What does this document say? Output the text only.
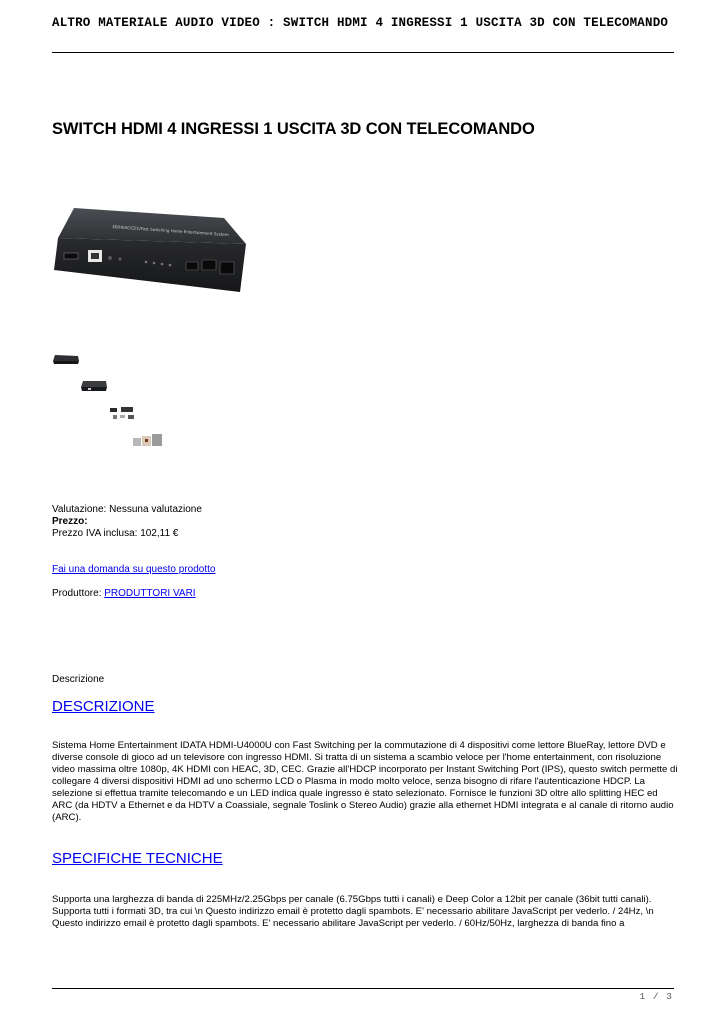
ALTRO MATERIALE AUDIO VIDEO : SWITCH HDMI 4 INGRESSI 1 USCITA 3D CON TELECOMANDO
SWITCH HDMI 4 INGRESSI 1 USCITA 3D CON TELECOMANDO
3D/HEAC/CEC/Fast Switching Home Entertainment System
Valutazione: Nessuna valutazione
Prezzo:
Prezzo IVA inclusa: 102,11 €
Fai una domanda su questo prodotto
Produttore: PRODUTTORI VARI
Descrizione
DESCRIZIONE
Sistema Home Entertainment IDATA HDMI-U4000U con Fast Switching per la commutazione di 4 dispositivi come lettore BlueRay, lettore DVD e diverse console di gioco ad un televisore con ingresso HDMI. Si tratta di un sistema a scambio veloce per l'home entertainment, con risoluzione video massima oltre 1080p, 4K HDMI con HEAC, 3D, CEC. Grazie all'HDCP incorporato per Instant Switching Port (IPS), questo switch permette di collegare 4 diversi dispositivi HDMI ad uno schermo LCD o Plasma in modo molto veloce, senza bisogno di rifare l'autenticazione HDCP. La selezione si effettua tramite telecomando e un LED indica quale ingresso è stato selezionato. Fornisce le funzioni 3D oltre allo splitting HEC ed ARC (da HDTV a Ethernet e da HDTV a Coassiale, segnale Toslink o Stereo Audio) grazie alla ethernet HDMI integrata e al canale di ritorno audio (ARC).
SPECIFICHE TECNICHE
Supporta una larghezza di banda di 225MHz/2.25Gbps per canale (6.75Gbps tutti i canali) e Deep Color a 12bit per canale (36bit tutti canali). Supporta tutti i formati 3D, tra cui \n Questo indirizzo email è protetto dagli spambots. E' necessario abilitare JavaScript per vederlo. / 24Hz, \n Questo indirizzo email è protetto dagli spambots. E' necessario abilitare JavaScript per vederlo. / 60Hz/50Hz, larghezza di banda fino a
1 / 3
